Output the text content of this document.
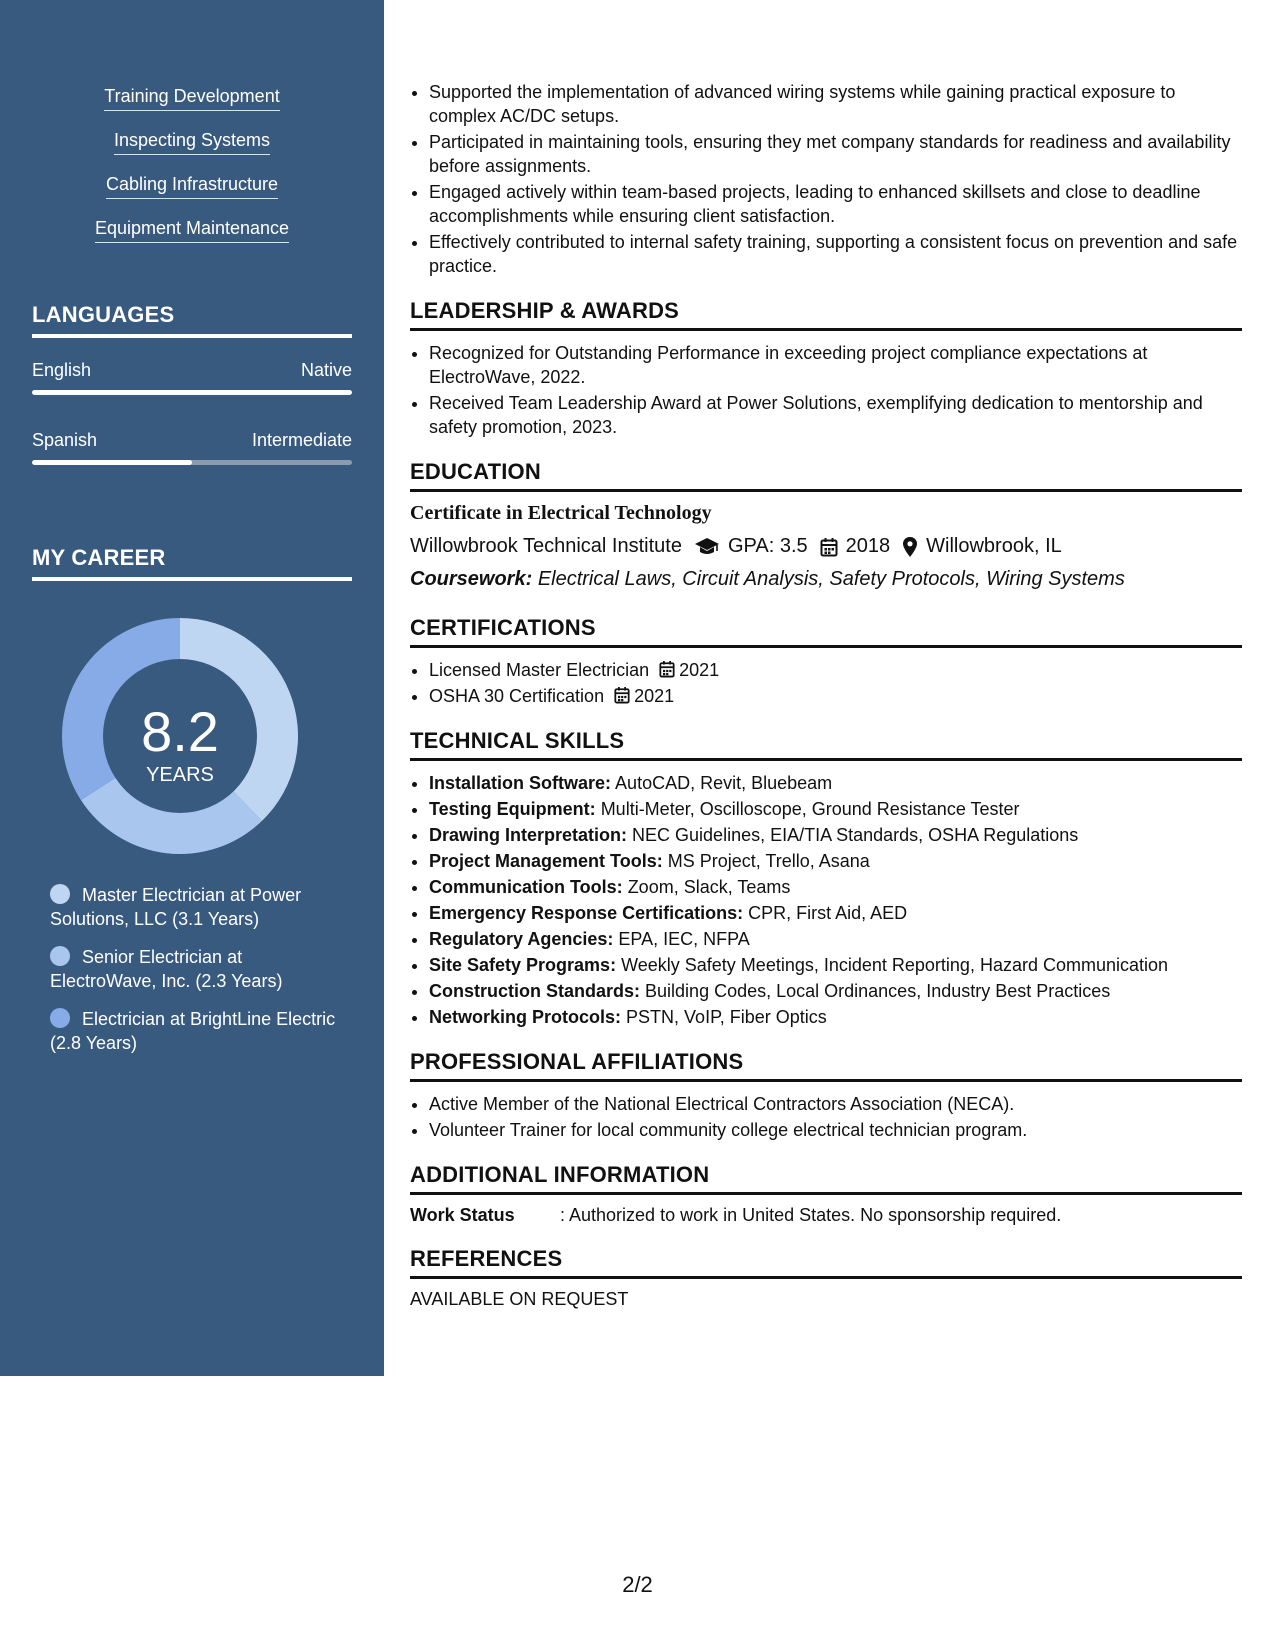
Training Development
Inspecting Systems
Cabling Infrastructure
Equipment Maintenance
LANGUAGES
English	Native
Spanish	Intermediate
MY CAREER
8.2
YEARS
Master Electrician at Power Solutions, LLC (3.1 Years)
Senior Electrician at ElectroWave, Inc. (2.3 Years)
Electrician at BrightLine Electric (2.8 Years)
• Supported the implementation of advanced wiring systems while gaining practical exposure to complex AC/DC setups.
• Participated in maintaining tools, ensuring they met company standards for readiness and availability before assignments.
• Engaged actively within team-based projects, leading to enhanced skillsets and close to deadline accomplishments while ensuring client satisfaction.
• Effectively contributed to internal safety training, supporting a consistent focus on prevention and safe practice.
LEADERSHIP & AWARDS
• Recognized for Outstanding Performance in exceeding project compliance expectations at ElectroWave, 2022.
• Received Team Leadership Award at Power Solutions, exemplifying dedication to mentorship and safety promotion, 2023.
EDUCATION
Certificate in Electrical Technology
Willowbrook Technical Institute GPA: 3.5 2018 Willowbrook, IL
Coursework: Electrical Laws, Circuit Analysis, Safety Protocols, Wiring Systems
CERTIFICATIONS
• Licensed Master Electrician 2021
• OSHA 30 Certification 2021
TECHNICAL SKILLS
• Installation Software: AutoCAD, Revit, Bluebeam
• Testing Equipment: Multi-Meter, Oscilloscope, Ground Resistance Tester
• Drawing Interpretation: NEC Guidelines, EIA/TIA Standards, OSHA Regulations
• Project Management Tools: MS Project, Trello, Asana
• Communication Tools: Zoom, Slack, Teams
• Emergency Response Certifications: CPR, First Aid, AED
• Regulatory Agencies: EPA, IEC, NFPA
• Site Safety Programs: Weekly Safety Meetings, Incident Reporting, Hazard Communication
• Construction Standards: Building Codes, Local Ordinances, Industry Best Practices
• Networking Protocols: PSTN, VoIP, Fiber Optics
PROFESSIONAL AFFILIATIONS
• Active Member of the National Electrical Contractors Association (NECA).
• Volunteer Trainer for local community college electrical technician program.
ADDITIONAL INFORMATION
Work Status	: Authorized to work in United States. No sponsorship required.
REFERENCES
AVAILABLE ON REQUEST
2/2
